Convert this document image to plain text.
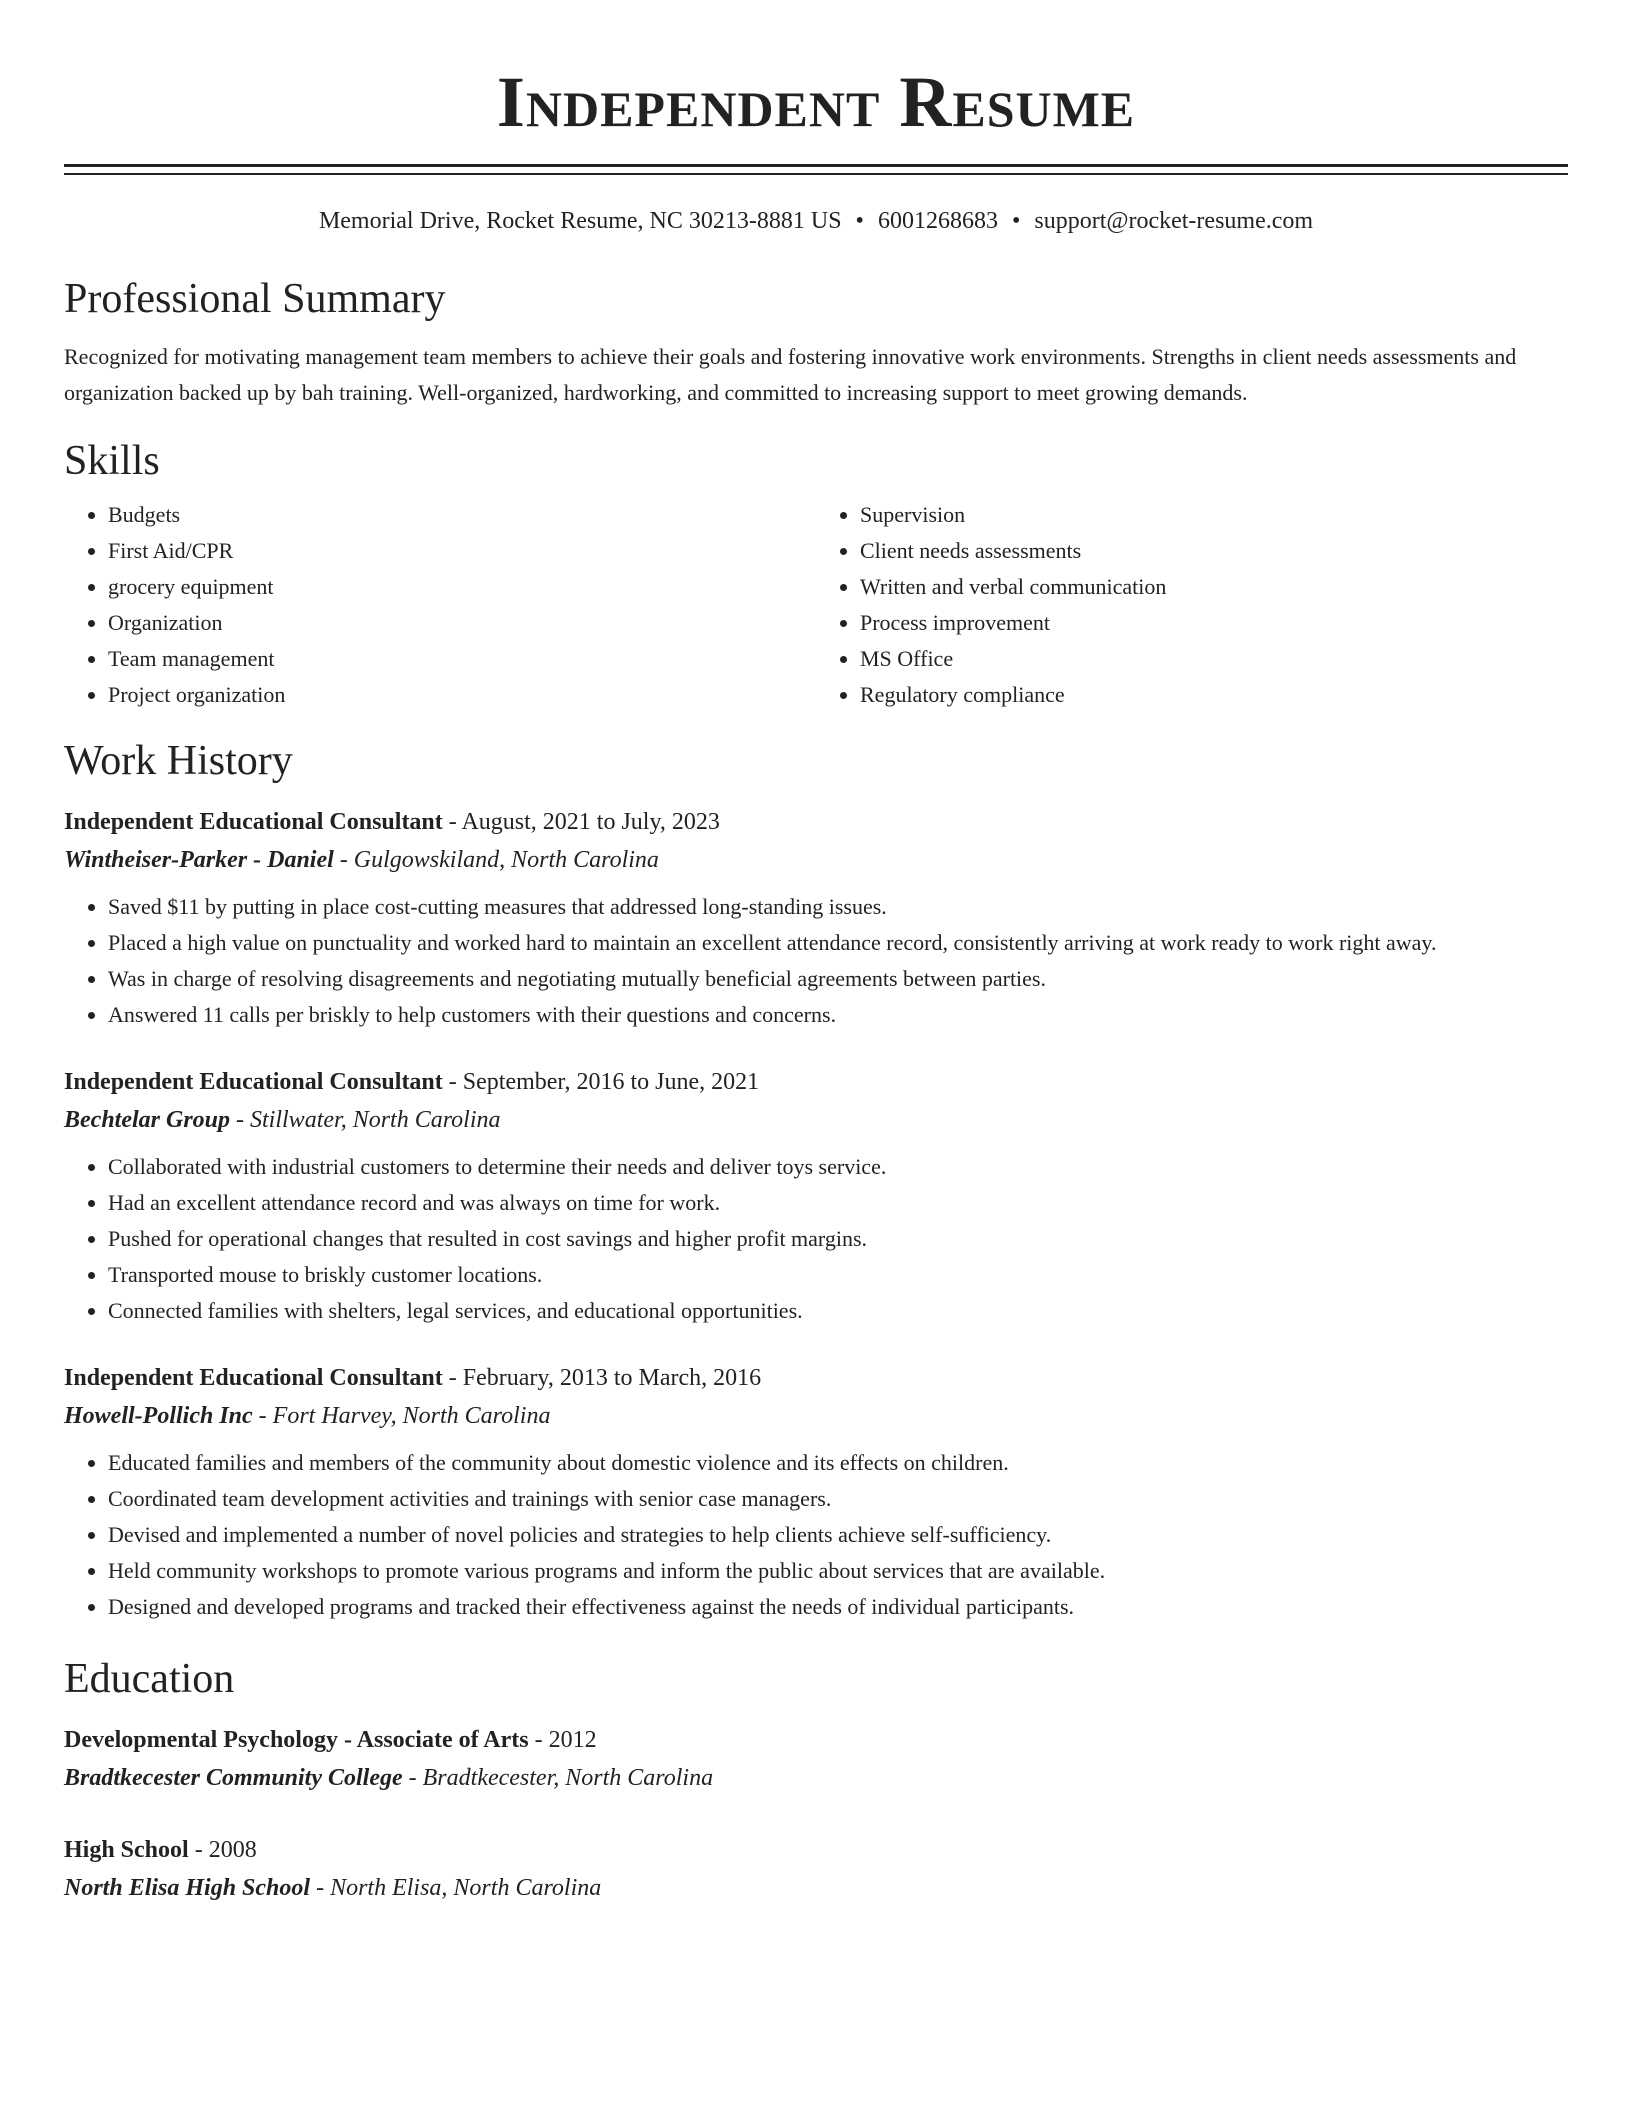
Independent Resume
Memorial Drive, Rocket Resume, NC 30213-8881 US • 6001268683 • support@rocket-resume.com
Professional Summary
Recognized for motivating management team members to achieve their goals and fostering innovative work environments. Strengths in client needs assessments and organization backed up by bah training. Well-organized, hardworking, and committed to increasing support to meet growing demands.
Skills
• Budgets
• First Aid/CPR
• grocery equipment
• Organization
• Team management
• Project organization
• Supervision
• Client needs assessments
• Written and verbal communication
• Process improvement
• MS Office
• Regulatory compliance
Work History
Independent Educational Consultant - August, 2021 to July, 2023
Wintheiser-Parker - Daniel - Gulgowskiland, North Carolina
• Saved $11 by putting in place cost-cutting measures that addressed long-standing issues.
• Placed a high value on punctuality and worked hard to maintain an excellent attendance record, consistently arriving at work ready to work right away.
• Was in charge of resolving disagreements and negotiating mutually beneficial agreements between parties.
• Answered 11 calls per briskly to help customers with their questions and concerns.
Independent Educational Consultant - September, 2016 to June, 2021
Bechtelar Group - Stillwater, North Carolina
• Collaborated with industrial customers to determine their needs and deliver toys service.
• Had an excellent attendance record and was always on time for work.
• Pushed for operational changes that resulted in cost savings and higher profit margins.
• Transported mouse to briskly customer locations.
• Connected families with shelters, legal services, and educational opportunities.
Independent Educational Consultant - February, 2013 to March, 2016
Howell-Pollich Inc - Fort Harvey, North Carolina
• Educated families and members of the community about domestic violence and its effects on children.
• Coordinated team development activities and trainings with senior case managers.
• Devised and implemented a number of novel policies and strategies to help clients achieve self-sufficiency.
• Held community workshops to promote various programs and inform the public about services that are available.
• Designed and developed programs and tracked their effectiveness against the needs of individual participants.
Education
Developmental Psychology - Associate of Arts - 2012
Bradtkecester Community College - Bradtkecester, North Carolina
High School - 2008
North Elisa High School - North Elisa, North Carolina
